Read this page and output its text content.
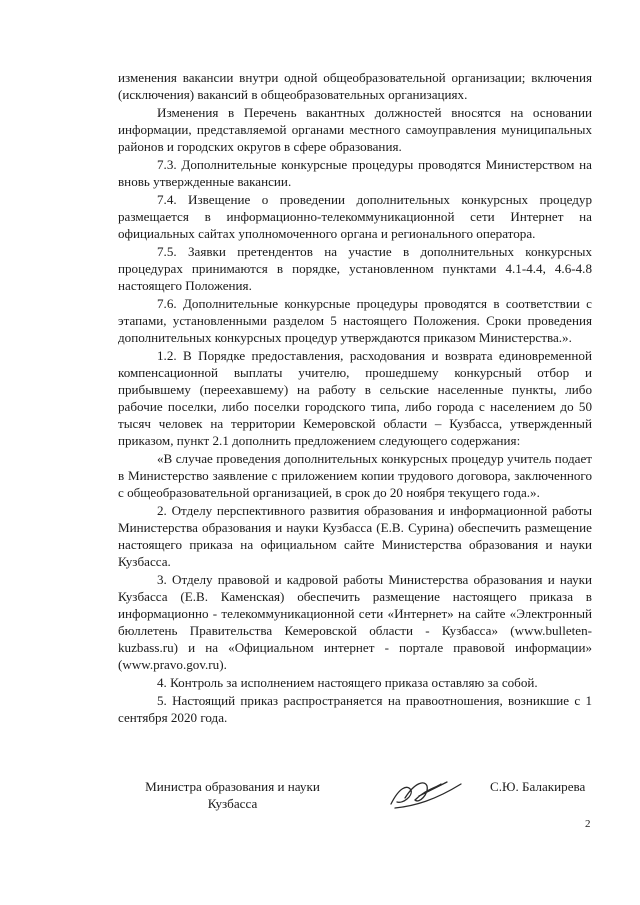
изменения вакансии внутри одной общеобразовательной организации; включения (исключения) вакансий в общеобразовательных организациях.

Изменения в Перечень вакантных должностей вносятся на основании информации, представляемой органами местного самоуправления муниципальных районов и городских округов в сфере образования.

7.3. Дополнительные конкурсные процедуры проводятся Министерством на вновь утвержденные вакансии.

7.4. Извещение о проведении дополнительных конкурсных процедур размещается в информационно-телекоммуникационной сети Интернет на официальных сайтах уполномоченного органа и регионального оператора.

7.5. Заявки претендентов на участие в дополнительных конкурсных процедурах принимаются в порядке, установленном пунктами 4.1-4.4, 4.6-4.8 настоящего Положения.

7.6. Дополнительные конкурсные процедуры проводятся в соответствии с этапами, установленными разделом 5 настоящего Положения. Сроки проведения дополнительных конкурсных процедур утверждаются приказом Министерства.».

1.2. В Порядке предоставления, расходования и возврата единовременной компенсационной выплаты учителю, прошедшему конкурсный отбор и прибывшему (переехавшему) на работу в сельские населенные пункты, либо рабочие поселки, либо поселки городского типа, либо города с населением до 50 тысяч человек на территории Кемеровской области – Кузбасса, утвержденный приказом, пункт 2.1 дополнить предложением следующего содержания:

«В случае проведения дополнительных конкурсных процедур учитель подает в Министерство заявление с приложением копии трудового договора, заключенного с общеобразовательной организацией, в срок до 20 ноября текущего года.».

2. Отделу перспективного развития образования и информационной работы Министерства образования и науки Кузбасса (Е.В. Сурина) обеспечить размещение настоящего приказа на официальном сайте Министерства образования и науки Кузбасса.

3. Отделу правовой и кадровой работы Министерства образования и науки Кузбасса (Е.В. Каменская) обеспечить размещение настоящего приказа в информационно - телекоммуникационной сети «Интернет» на сайте «Электронный бюллетень Правительства Кемеровской области - Кузбасса» (www.bulleten-kuzbass.ru) и на «Официальном интернет - портале правовой информации» (www.pravo.gov.ru).

4. Контроль за исполнением настоящего приказа оставляю за собой.

5. Настоящий приказ распространяется на правоотношения, возникшие с 1 сентября 2020 года.

Министра образования и науки
Кузбасса
С.Ю. Балакирева
2
